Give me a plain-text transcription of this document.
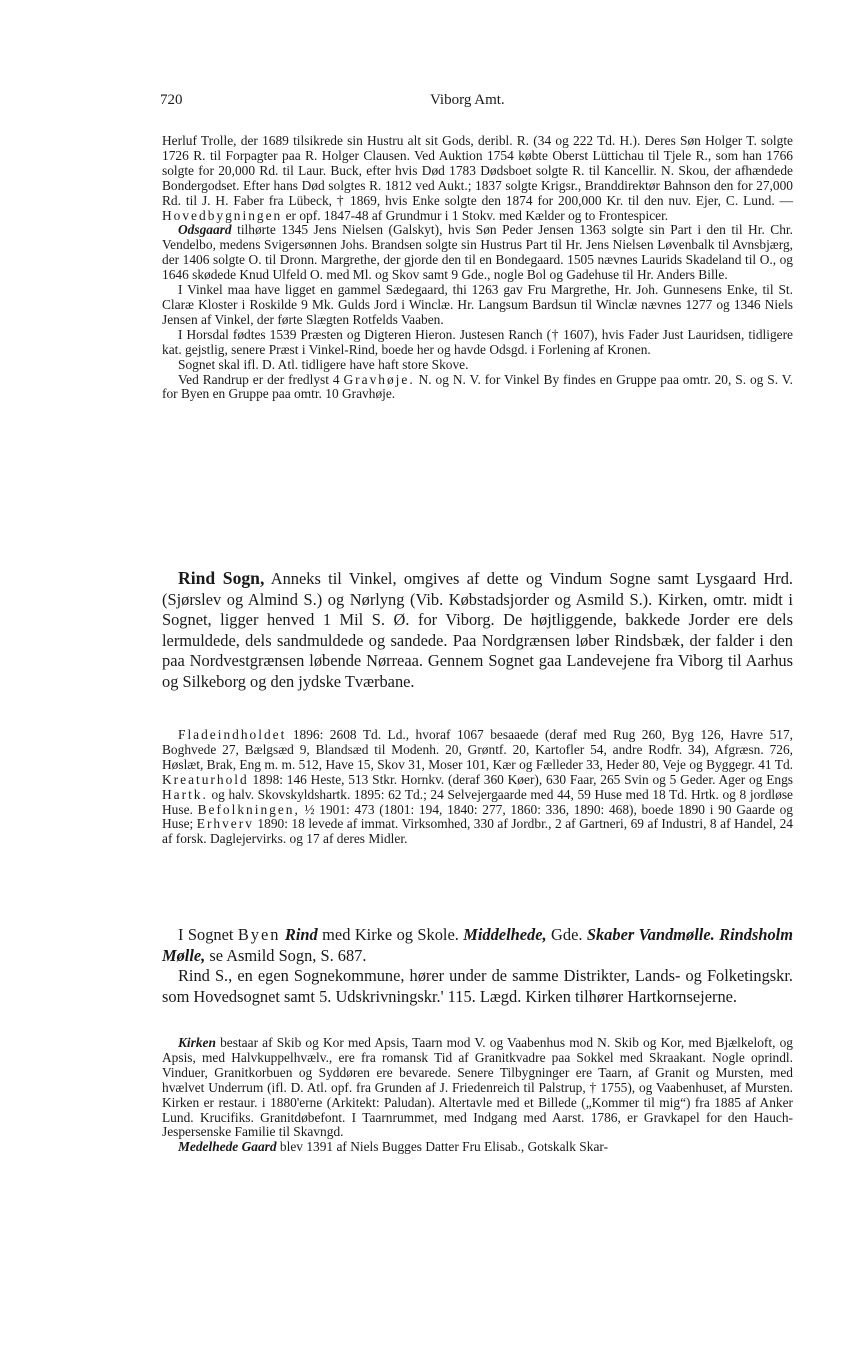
720	Viborg Amt.

Herluf Trolle, der 1689 tilsikrede sin Hustru alt sit Gods, deribl. R. (34 og 222 Td. H.). Deres Søn Holger T. solgte 1726 R. til Forpagter paa R. Holger Clausen. Ved Auktion 1754 købte Oberst Lüttichau til Tjele R., som han 1766 solgte for 20,000 Rd. til Laur. Buck, efter hvis Død 1783 Dødsboet solgte R. til Kancellir. N. Skou, der afhændede Bondergodset. Efter hans Død solgtes R. 1812 ved Aukt.; 1837 solgte Krigsr., Branddirektør Bahnson den for 27,000 Rd. til J. H. Faber fra Lübeck, † 1869, hvis Enke solgte den 1874 for 200,000 Kr. til den nuv. Ejer, C. Lund. — Hovedbygningen er opf. 1847-48 af Grundmur i 1 Stokv. med Kælder og to Frontespicer.

Odsgaard tilhørte 1345 Jens Nielsen (Galskyt), hvis Søn Peder Jensen 1363 solgte sin Part i den til Hr. Chr. Vendelbo, medens Svigersønnen Johs. Brandsen solgte sin Hustrus Part til Hr. Jens Nielsen Løvenbalk til Avnsbjærg, der 1406 solgte O. til Dronn. Margrethe, der gjorde den til en Bondegaard. 1505 nævnes Laurids Skadeland til O., og 1646 skødede Knud Ulfeld O. med Ml. og Skov samt 9 Gde., nogle Bol og Gadehuse til Hr. Anders Bille.

I Vinkel maa have ligget en gammel Sædegaard, thi 1263 gav Fru Margrethe, Hr. Joh. Gunnesens Enke, til St. Claræ Kloster i Roskilde 9 Mk. Gulds Jord i Winclæ. Hr. Langsum Bardsun til Winclæ nævnes 1277 og 1346 Niels Jensen af Vinkel, der førte Slægten Rotfelds Vaaben.

I Horsdal fødtes 1539 Præsten og Digteren Hieron. Justesen Ranch († 1607), hvis Fader Just Lauridsen, tidligere kat. gejstlig, senere Præst i Vinkel-Rind, boede her og havde Odsgd. i Forlening af Kronen.

Sognet skal ifl. D. Atl. tidligere have haft store Skove.

Ved Randrup er der fredlyst 4 Gravhøje. N. og N. V. for Vinkel By findes en Gruppe paa omtr. 20, S. og S. V. for Byen en Gruppe paa omtr. 10 Gravhøje.

Rind Sogn, Anneks til Vinkel, omgives af dette og Vindum Sogne samt Lysgaard Hrd. (Sjørslev og Almind S.) og Nørlyng (Vib. Købstadsjorder og Asmild S.). Kirken, omtr. midt i Sognet, ligger henved 1 Mil S. Ø. for Viborg. De højtliggende, bakkede Jorder ere dels lermuldede, dels sandmuldede og sandede. Paa Nordgrænsen løber Rindsbæk, der falder i den paa Nordvestgrænsen løbende Nørreaa. Gennem Sognet gaa Landevejene fra Viborg til Aarhus og Silkeborg og den jydske Tværbane.

Fladeindholdet 1896: 2608 Td. Ld., hvoraf 1067 besaaede (deraf med Rug 260, Byg 126, Havre 517, Boghvede 27, Bælgsæd 9, Blandsæd til Modenh. 20, Grøntf. 20, Kartofler 54, andre Rodfr. 34), Afgræsn. 726, Høslæt, Brak, Eng m. m. 512, Have 15, Skov 31, Moser 101, Kær og Fælleder 33, Heder 80, Veje og Byggegr. 41 Td. Kreaturhold 1898: 146 Heste, 513 Stkr. Hornkv. (deraf 360 Køer), 630 Faar, 265 Svin og 5 Geder. Ager og Engs Hartk. og halv. Skovskyldshartk. 1895: 62 Td.; 24 Selvejergaarde med 44, 59 Huse med 18 Td. Hrtk. og 8 jordløse Huse. Befolkningen, ½ 1901: 473 (1801: 194, 1840: 277, 1860: 336, 1890: 468), boede 1890 i 90 Gaarde og Huse; Erhverv 1890: 18 levede af immat. Virksomhed, 330 af Jordbr., 2 af Gartneri, 69 af Industri, 8 af Handel, 24 af forsk. Daglejervirks. og 17 af deres Midler.

I Sognet Byen Rind med Kirke og Skole. Middelhede, Gde. Skaber Vandmølle. Rindsholm Mølle, se Asmild Sogn, S. 687.

Rind S., en egen Sognekommune, hører under de samme Distrikter, Lands- og Folketingskr. som Hovedsognet samt 5. Udskrivningskr.' 115. Lægd. Kirken tilhører Hartkornsejerne.

Kirken bestaar af Skib og Kor med Apsis, Taarn mod V. og Vaabenhus mod N. Skib og Kor, med Bjælkeloft, og Apsis, med Halvkuppelhvælv., ere fra romansk Tid af Granitkvadre paa Sokkel med Skraakant. Nogle oprindl. Vinduer, Granitkorbuen og Syddøren ere bevarede. Senere Tilbygninger ere Taarn, af Granit og Mursten, med hvælvet Underrum (ifl. D. Atl. opf. fra Grunden af J. Friedenreich til Palstrup, † 1755), og Vaabenhuset, af Mursten. Kirken er restaur. i 1880'erne (Arkitekt: Paludan). Altertavle med et Billede („Kommer til mig“) fra 1885 af Anker Lund. Krucifiks. Granitdøbefont. I Taarnrummet, med Indgang med Aarst. 1786, er Gravkapel for den Hauch-Jespersenske Familie til Skavngd.

Medelhede Gaard blev 1391 af Niels Bugges Datter Fru Elisab., Gotskalk Skar-
